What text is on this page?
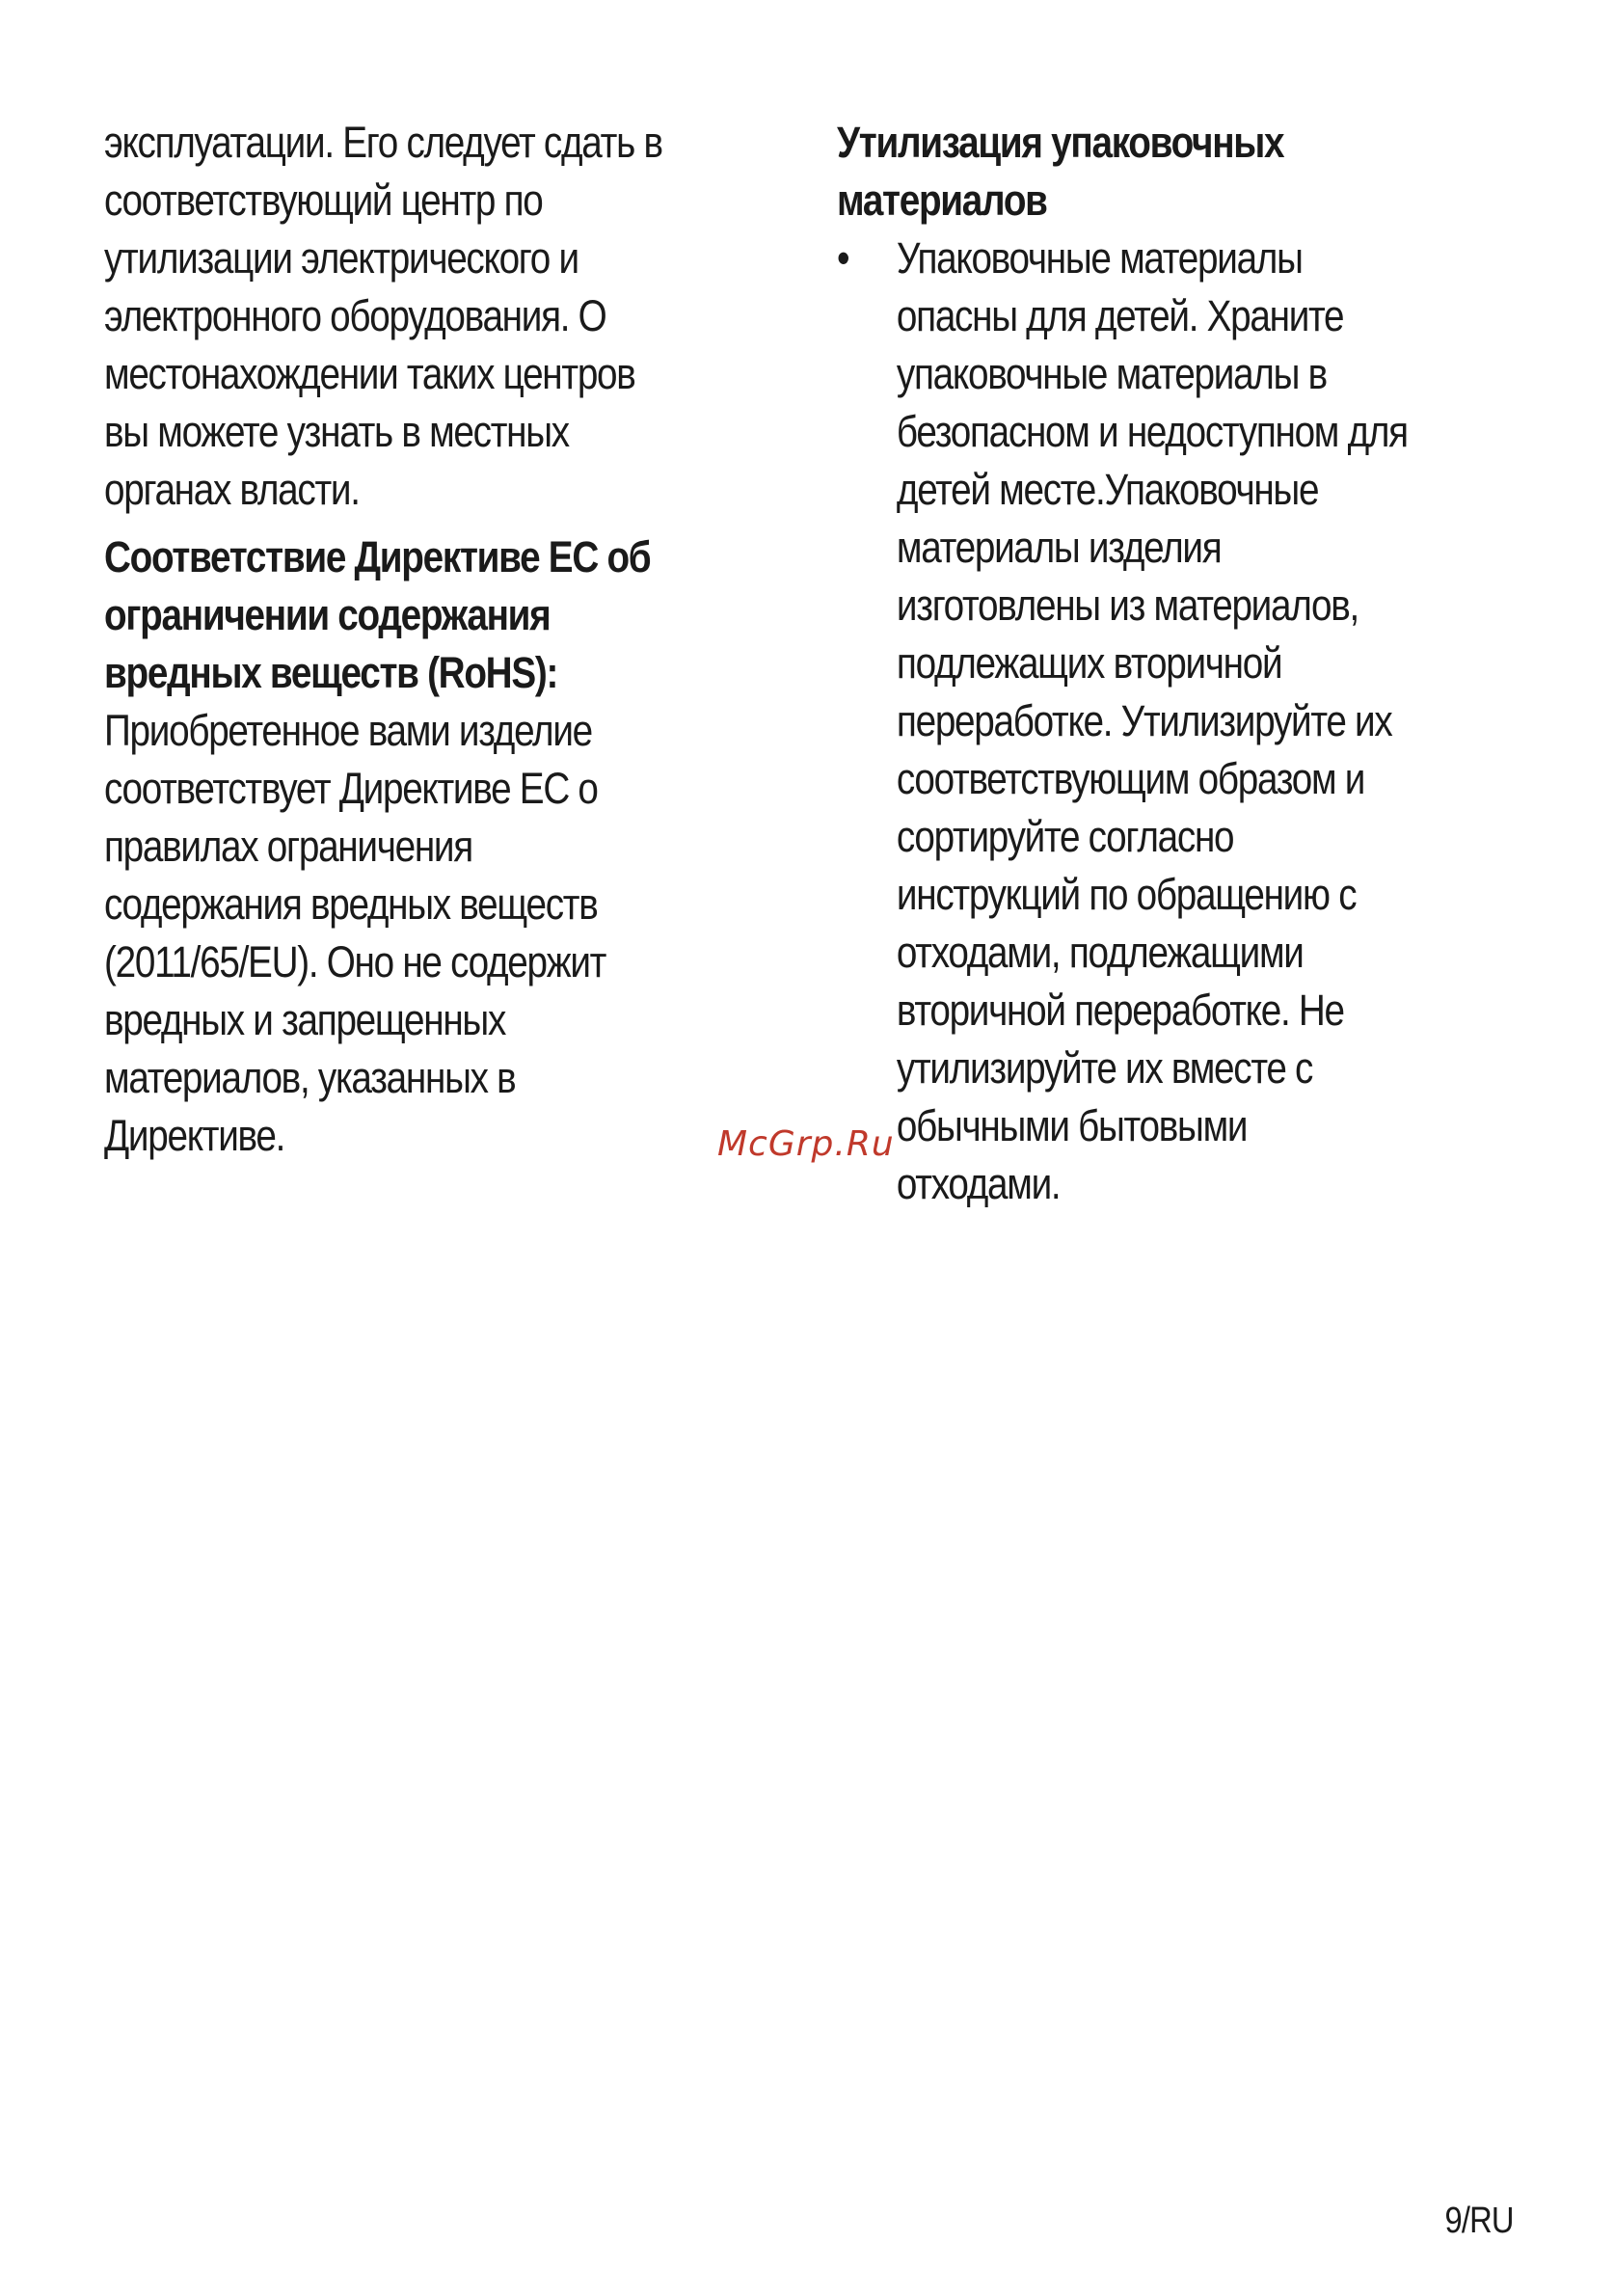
эксплуатации. Его следует сдать в
соответствующий центр по
утилизации электрического и
электронного оборудования. О
местонахождении таких центров
вы можете узнать в местных
органах власти.
Соответствие Директиве ЕС об
ограничении содержания
вредных веществ (RoHS):
Приобретенное вами изделие
соответствует Директиве ЕС о
правилах ограничения
содержания вредных веществ
(2011/65/EU). Оно не содержит
вредных и запрещенных
материалов, указанных в
Директиве.
Утилизация упаковочных
материалов
•	Упаковочные материалы
опасны для детей. Храните
упаковочные материалы в
безопасном и недоступном для
детей месте.Упаковочные
материалы изделия
изготовлены из материалов,
подлежащих вторичной
переработке. Утилизируйте их
соответствующим образом и
сортируйте согласно
инструкций по обращению с
отходами, подлежащими
вторичной переработке. Не
утилизируйте их вместе с
обычными бытовыми
отходами.
McGrp.Ru
9/RU
